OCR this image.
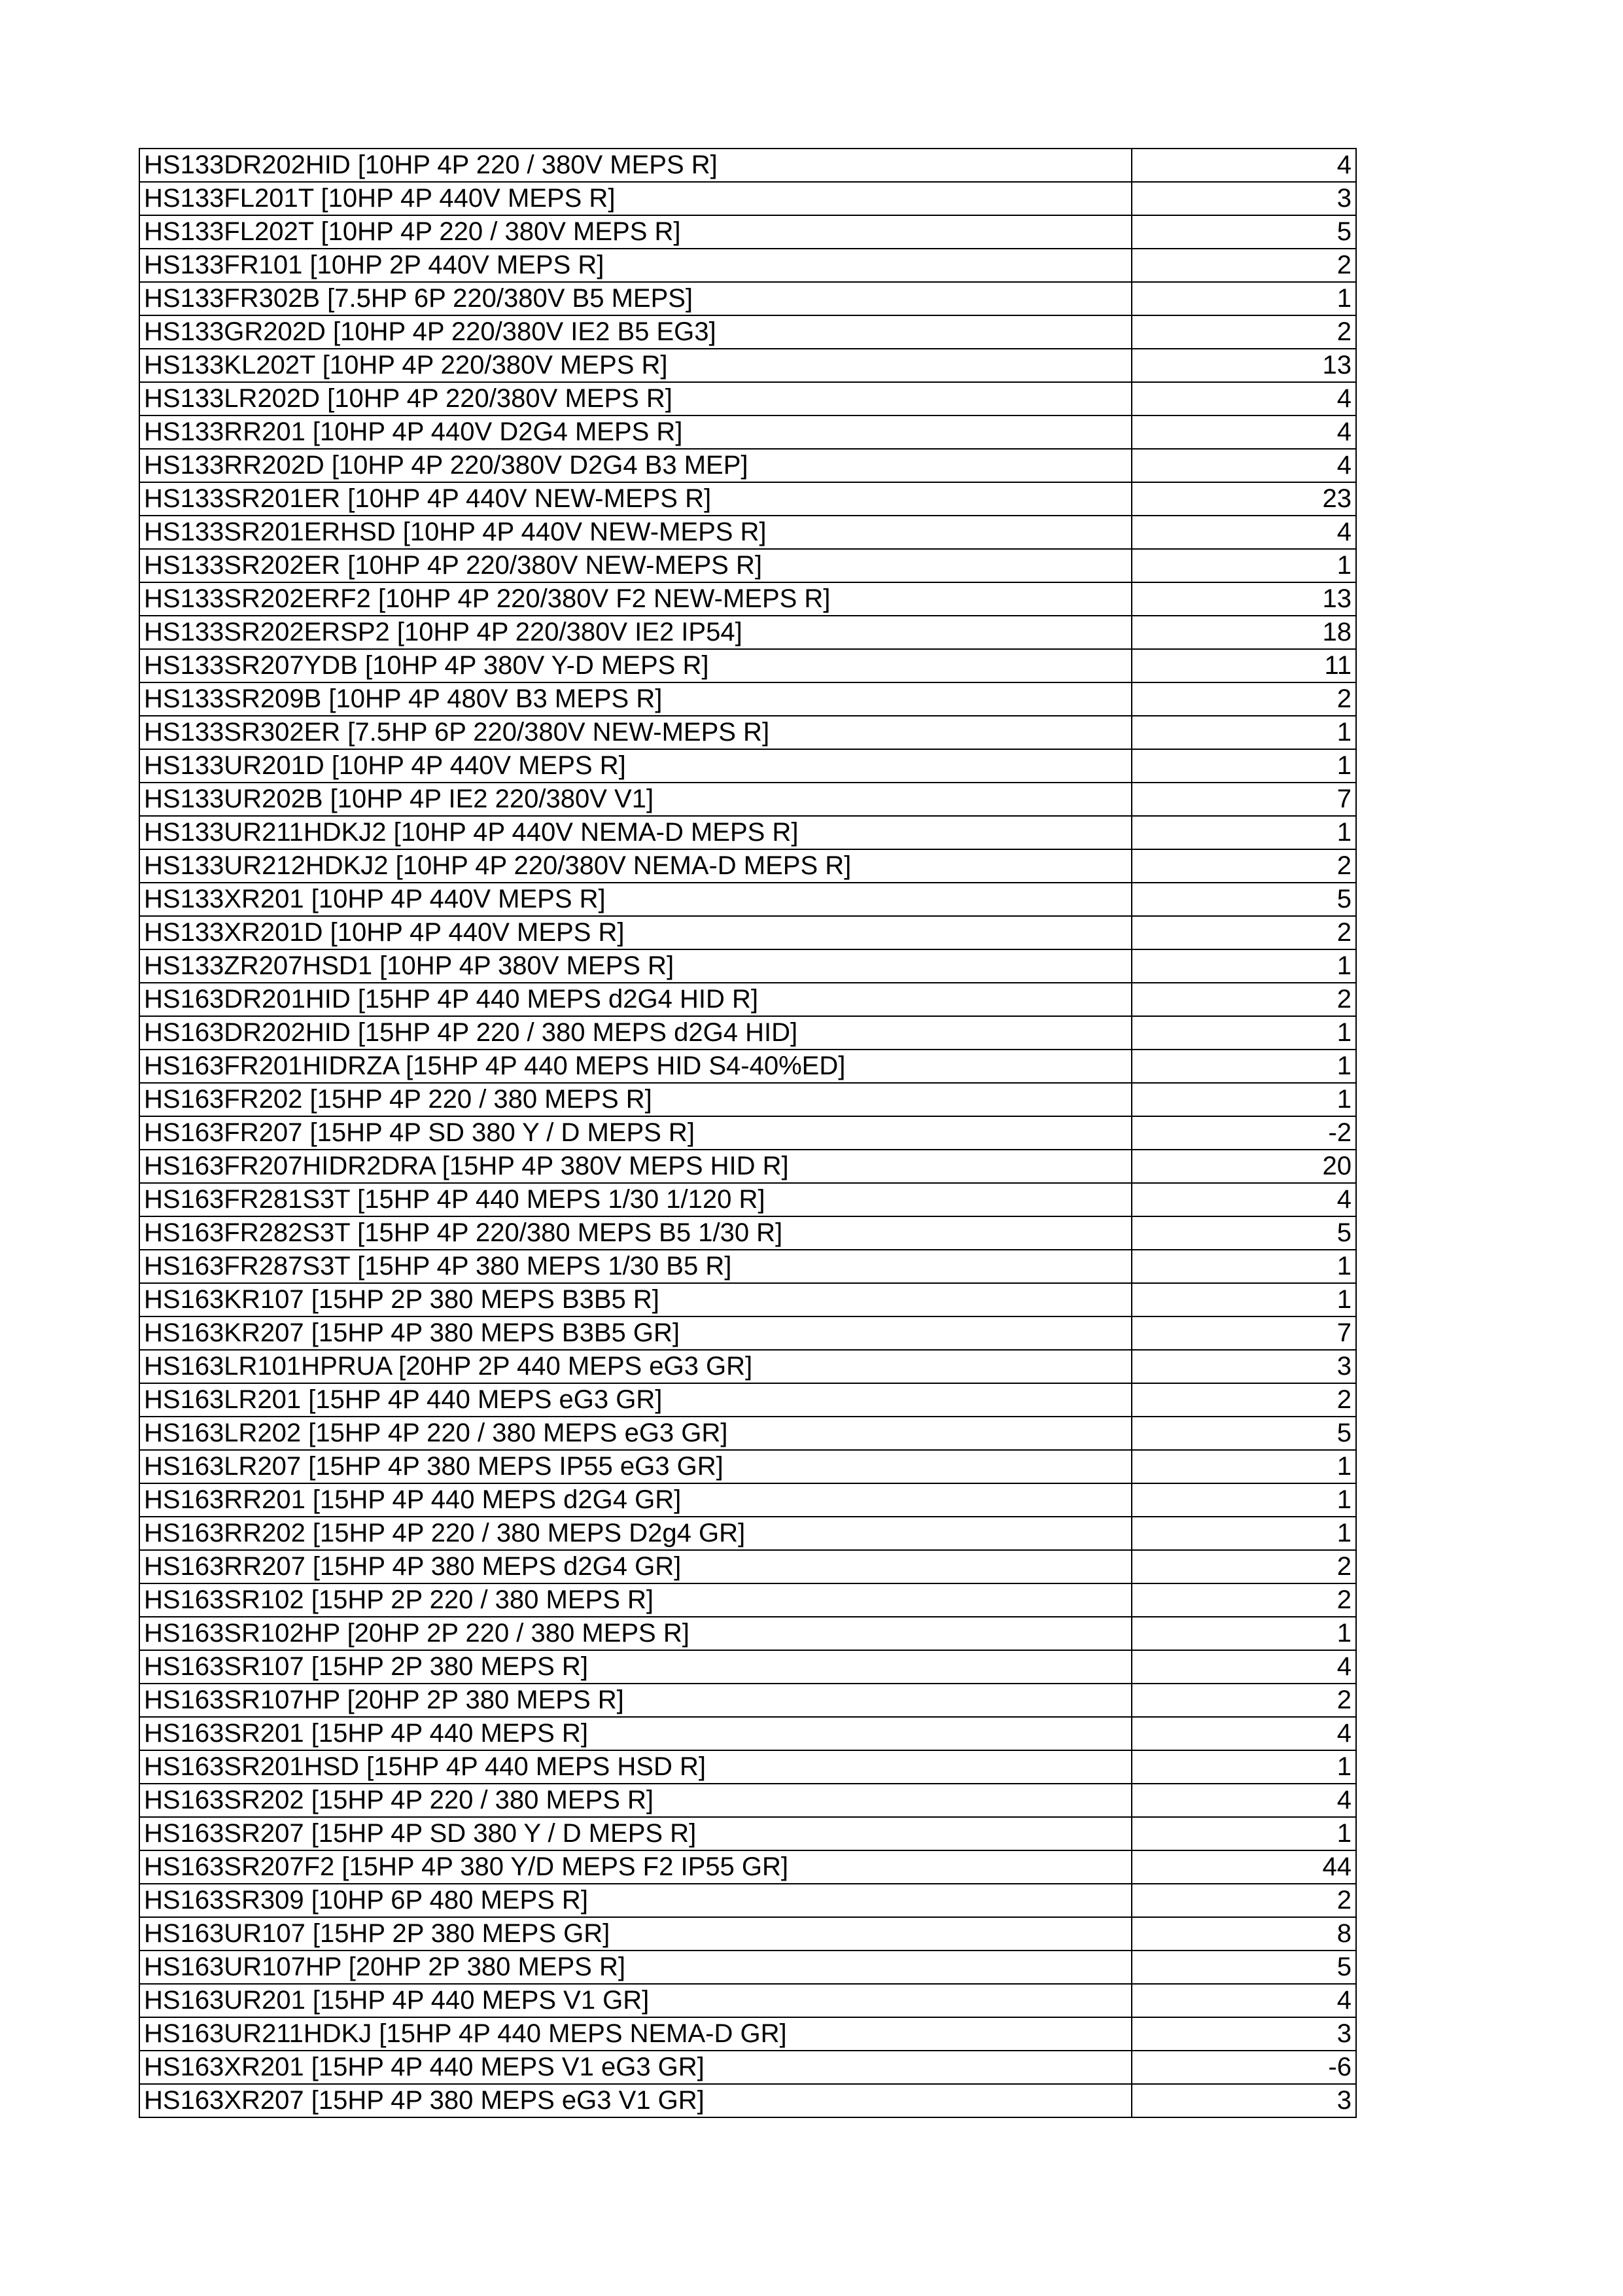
HS133DR202HID [10HP 4P 220 / 380V MEPS R]	4
HS133FL201T [10HP 4P 440V MEPS R]	3
HS133FL202T [10HP 4P 220 / 380V MEPS R]	5
HS133FR101 [10HP 2P 440V MEPS R]	2
HS133FR302B [7.5HP 6P 220/380V B5 MEPS]	1
HS133GR202D [10HP 4P 220/380V IE2 B5 EG3]	2
HS133KL202T [10HP 4P 220/380V MEPS R]	13
HS133LR202D [10HP 4P 220/380V MEPS R]	4
HS133RR201 [10HP 4P 440V D2G4 MEPS R]	4
HS133RR202D [10HP 4P 220/380V D2G4 B3 MEP]	4
HS133SR201ER [10HP 4P 440V NEW-MEPS R]	23
HS133SR201ERHSD [10HP 4P 440V NEW-MEPS R]	4
HS133SR202ER [10HP 4P 220/380V NEW-MEPS R]	1
HS133SR202ERF2 [10HP 4P 220/380V F2 NEW-MEPS R]	13
HS133SR202ERSP2 [10HP 4P 220/380V IE2 IP54]	18
HS133SR207YDB [10HP 4P 380V Y-D MEPS R]	11
HS133SR209B [10HP 4P 480V B3 MEPS R]	2
HS133SR302ER [7.5HP 6P 220/380V NEW-MEPS R]	1
HS133UR201D [10HP 4P 440V MEPS R]	1
HS133UR202B [10HP 4P IE2 220/380V V1]	7
HS133UR211HDKJ2 [10HP 4P 440V NEMA-D MEPS R]	1
HS133UR212HDKJ2 [10HP 4P 220/380V NEMA-D MEPS R]	2
HS133XR201 [10HP 4P 440V MEPS R]	5
HS133XR201D [10HP 4P 440V MEPS R]	2
HS133ZR207HSD1 [10HP 4P 380V MEPS R]	1
HS163DR201HID [15HP 4P 440 MEPS d2G4 HID R]	2
HS163DR202HID [15HP 4P 220 / 380 MEPS d2G4 HID]	1
HS163FR201HIDRZA [15HP 4P 440 MEPS HID S4-40%ED]	1
HS163FR202 [15HP 4P 220 / 380 MEPS R]	1
HS163FR207 [15HP 4P SD 380 Y / D MEPS R]	-2
HS163FR207HIDR2DRA [15HP 4P 380V MEPS HID R]	20
HS163FR281S3T [15HP 4P 440 MEPS 1/30 1/120 R]	4
HS163FR282S3T [15HP 4P 220/380 MEPS B5 1/30 R]	5
HS163FR287S3T [15HP 4P 380 MEPS 1/30 B5 R]	1
HS163KR107 [15HP 2P 380 MEPS B3B5 R]	1
HS163KR207 [15HP 4P 380 MEPS B3B5 GR]	7
HS163LR101HPRUA [20HP 2P 440 MEPS eG3 GR]	3
HS163LR201 [15HP 4P 440 MEPS eG3 GR]	2
HS163LR202 [15HP 4P 220 / 380 MEPS eG3 GR]	5
HS163LR207 [15HP 4P 380 MEPS IP55 eG3 GR]	1
HS163RR201 [15HP 4P 440 MEPS d2G4 GR]	1
HS163RR202 [15HP 4P 220 / 380 MEPS D2g4 GR]	1
HS163RR207 [15HP 4P 380 MEPS d2G4 GR]	2
HS163SR102 [15HP 2P 220 / 380 MEPS R]	2
HS163SR102HP [20HP 2P 220 / 380 MEPS R]	1
HS163SR107 [15HP 2P 380 MEPS R]	4
HS163SR107HP [20HP 2P 380 MEPS R]	2
HS163SR201 [15HP 4P 440 MEPS R]	4
HS163SR201HSD [15HP 4P 440 MEPS HSD R]	1
HS163SR202 [15HP 4P 220 / 380 MEPS R]	4
HS163SR207 [15HP 4P SD 380 Y / D MEPS R]	1
HS163SR207F2 [15HP 4P 380 Y/D MEPS F2 IP55 GR]	44
HS163SR309 [10HP 6P 480 MEPS R]	2
HS163UR107 [15HP 2P 380 MEPS GR]	8
HS163UR107HP [20HP 2P 380 MEPS R]	5
HS163UR201 [15HP 4P 440 MEPS V1 GR]	4
HS163UR211HDKJ [15HP 4P 440 MEPS NEMA-D GR]	3
HS163XR201 [15HP 4P 440 MEPS V1 eG3 GR]	-6
HS163XR207 [15HP 4P 380 MEPS eG3 V1 GR]	3
